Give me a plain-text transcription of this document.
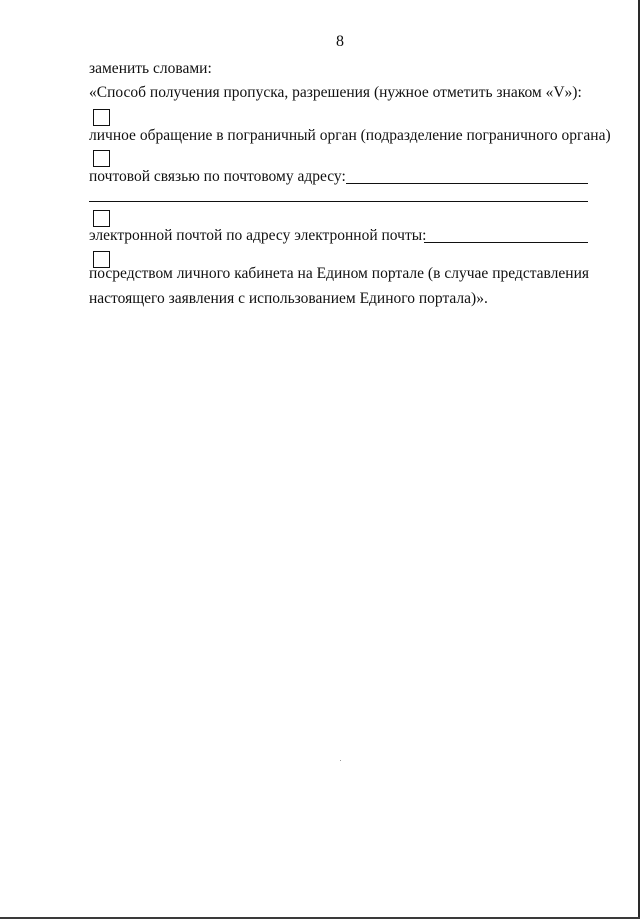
8
заменить словами:
«Способ получения пропуска, разрешения (нужное отметить знаком «V»):
личное обращение в пограничный орган (подразделение пограничного органа)
почтовой связью по почтовому адресу:
электронной почтой по адресу электронной почты:
посредством личного кабинета на Едином портале (в случае представления
настоящего заявления с использованием Единого портала)».
